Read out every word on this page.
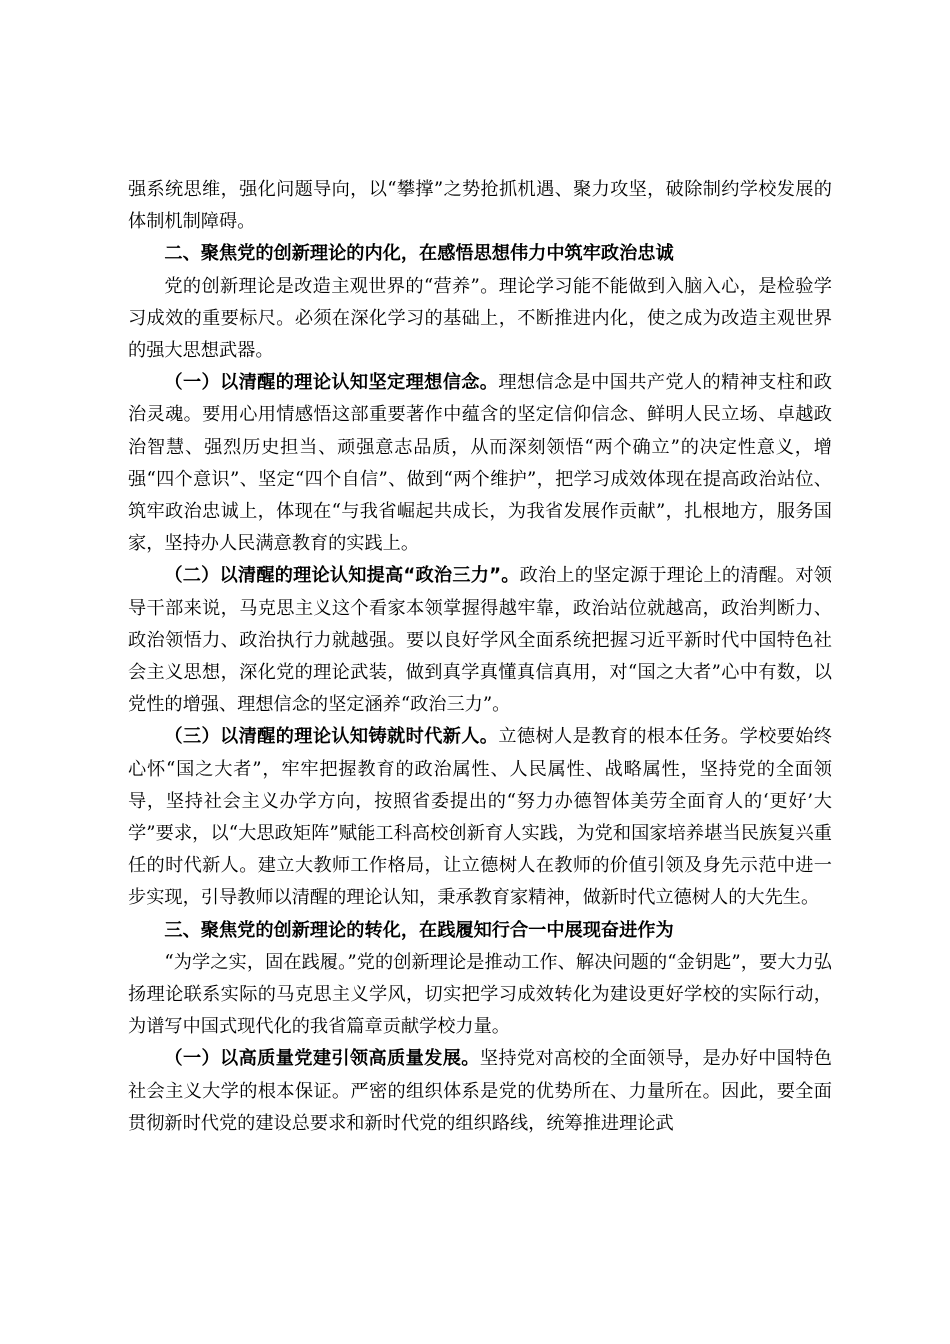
强系统思维，强化问题导向，以“攀撑”之势抢抓机遇、聚力攻坚，破除制约学校发展的体制机制障碍。

二、聚焦党的创新理论的内化，在感悟思想伟力中筑牢政治忠诚

党的创新理论是改造主观世界的“营养”。理论学习能不能做到入脑入心，是检验学习成效的重要标尺。必须在深化学习的基础上，不断推进内化，使之成为改造主观世界的强大思想武器。

（一）以清醒的理论认知坚定理想信念。理想信念是中国共产党人的精神支柱和政治灵魂。要用心用情感悟这部重要著作中蕴含的坚定信仰信念、鲜明人民立场、卓越政治智慧、强烈历史担当、顽强意志品质，从而深刻领悟“两个确立”的决定性意义，增强“四个意识”、坚定“四个自信”、做到“两个维护”，把学习成效体现在提高政治站位、筑牢政治忠诚上，体现在“与我省崛起共成长，为我省发展作贡献”，扎根地方，服务国家，坚持办人民满意教育的实践上。

（二）以清醒的理论认知提高“政治三力”。政治上的坚定源于理论上的清醒。对领导干部来说，马克思主义这个看家本领掌握得越牢靠，政治站位就越高，政治判断力、政治领悟力、政治执行力就越强。要以良好学风全面系统把握习近平新时代中国特色社会主义思想，深化党的理论武装，做到真学真懂真信真用，对“国之大者”心中有数，以党性的增强、理想信念的坚定涵养“政治三力”。

（三）以清醒的理论认知铸就时代新人。立德树人是教育的根本任务。学校要始终心怀“国之大者”，牢牢把握教育的政治属性、人民属性、战略属性，坚持党的全面领导，坚持社会主义办学方向，按照省委提出的“努力办德智体美劳全面育人的‘更好’大学”要求，以“大思政矩阵”赋能工科高校创新育人实践，为党和国家培养堪当民族复兴重任的时代新人。建立大教师工作格局，让立德树人在教师的价值引领及身先示范中进一步实现，引导教师以清醒的理论认知，秉承教育家精神，做新时代立德树人的大先生。

三、聚焦党的创新理论的转化，在践履知行合一中展现奋进作为

“为学之实，固在践履。”党的创新理论是推动工作、解决问题的“金钥匙”，要大力弘扬理论联系实际的马克思主义学风，切实把学习成效转化为建设更好学校的实际行动，为谱写中国式现代化的我省篇章贡献学校力量。

（一）以高质量党建引领高质量发展。坚持党对高校的全面领导，是办好中国特色社会主义大学的根本保证。严密的组织体系是党的优势所在、力量所在。因此，要全面贯彻新时代党的建设总要求和新时代党的组织路线，统筹推进理论武
